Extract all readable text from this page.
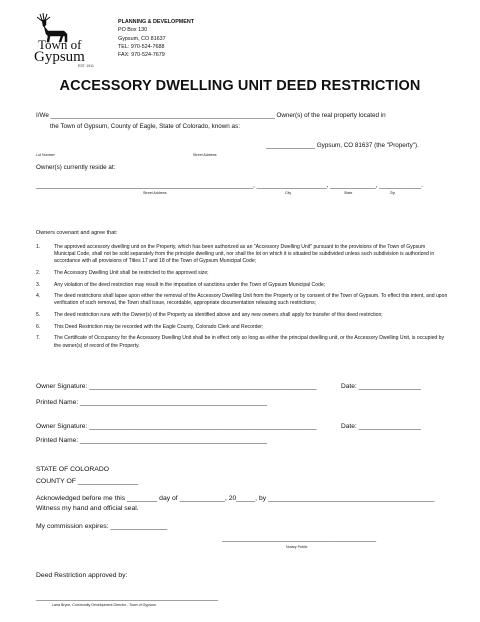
Town of
Gypsum
EST. 1911
PLANNING & DEVELOPMENT
PO Box 130
Gypsum, CO 81637
TEL: 970-524-7688
FAX: 970-524-7679
ACCESSORY DWELLING UNIT DEED RESTRICTION
I/We ________________________________________________________________ Owner(s) of the real property located in
the Town of Gypsum, County of Eagle, State of Colorado, known as:
______________ Gypsum, CO 81637 (the "Property").
Lot Number	Street Address
Owner(s) currently reside at:
______________________________________________________________, ____________________, _____________, ____________.
Street Address	City	State	Zip
Owners covenant and agree that:
1.	The approved accessory dwelling unit on the Property, which has been authorized as an "Accessory Dwelling Unit" pursuant to the provisions of the Town of Gypsum Municipal Code, shall not be sold separately from the principle dwelling unit, nor shall the lot on which it is situated be subdivided unless such subdivision is authorized in accordance with all provisions of Titles 17 and 18 of the Town of Gypsum Municipal Code;
2.	The Accessory Dwelling Unit shall be restricted to the approved size;
3.	Any violation of the deed restriction may result in the imposition of sanctions under the Town of Gypsum Municipal Code;
4.	The deed restrictions shall lapse upon either the removal of the Accessory Dwelling Unit from the Property or by consent of the Town of Gypsum. To effect this intent, and upon verification of such removal, the Town shall issue, recordable, appropriate documentation releasing such restrictions;
5.	The deed restriction runs with the Owner(s) of the Property as identified above and any new owners shall apply for transfer of this deed restriction;
6.	This Deed Restriction may be recorded with the Eagle County, Colorado Clerk and Recorder;
7.	The Certificate of Occupancy for the Accessory Dwelling Unit shall be in effect only so long as either the principal dwelling unit, or the Accessory Dwelling Unit, is occupied by the owner(s) of record of the Property.
Owner Signature: ______________________________________________________________	Date: _________________
Printed Name: ___________________________________________________
Owner Signature: ______________________________________________________________	Date: _________________
Printed Name: ___________________________________________________
STATE OF COLORADO
COUNTY OF ________________
Acknowledged before me this ________ day of ____________, 20_____, by ____________________________________________
Witness my hand and official seal.
My commission expires: _______________
____________________________________________
Notary Public
Deed Restriction approved by:
____________________________________________________
Lana Bryce, Community Development Director - Town of Gypsum
